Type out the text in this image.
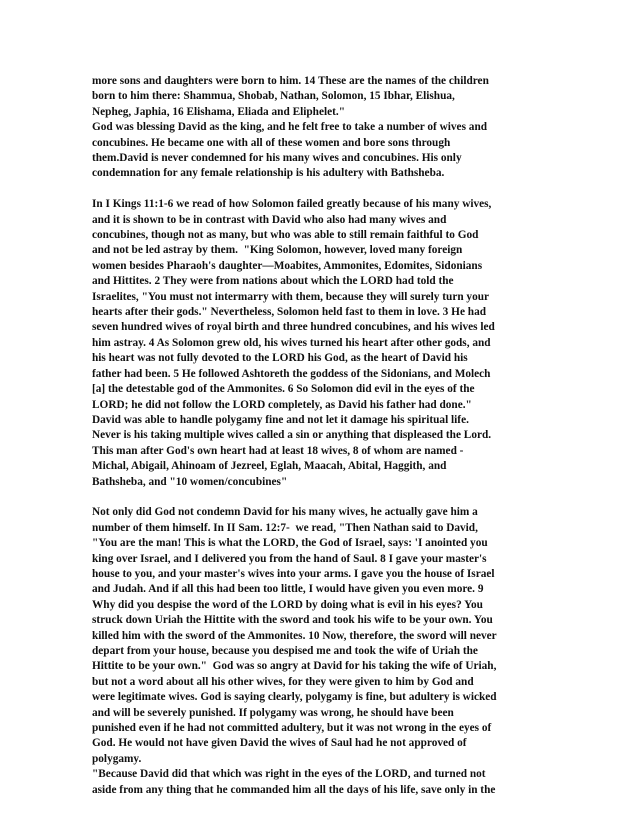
more sons and daughters were born to him. 14 These are the names of the children
born to him there: Shammua, Shobab, Nathan, Solomon, 15 Ibhar, Elishua,
Nepheg, Japhia, 16 Elishama, Eliada and Eliphelet."
God was blessing David as the king, and he felt free to take a number of wives and
concubines. He became one with all of these women and bore sons through
them.David is never condemned for his many wives and concubines. His only
condemnation for any female relationship is his adultery with Bathsheba.
In I Kings 11:1-6 we read of how Solomon failed greatly because of his many wives,
and it is shown to be in contrast with David who also had many wives and
concubines, though not as many, but who was able to still remain faithful to God
and not be led astray by them.  "King Solomon, however, loved many foreign
women besides Pharaoh's daughter—Moabites, Ammonites, Edomites, Sidonians
and Hittites. 2 They were from nations about which the LORD had told the
Israelites, "You must not intermarry with them, because they will surely turn your
hearts after their gods." Nevertheless, Solomon held fast to them in love. 3 He had
seven hundred wives of royal birth and three hundred concubines, and his wives led
him astray. 4 As Solomon grew old, his wives turned his heart after other gods, and
his heart was not fully devoted to the LORD his God, as the heart of David his
father had been. 5 He followed Ashtoreth the goddess of the Sidonians, and Molech
[a] the detestable god of the Ammonites. 6 So Solomon did evil in the eyes of the
LORD; he did not follow the LORD completely, as David his father had done."
David was able to handle polygamy fine and not let it damage his spiritual life.
Never is his taking multiple wives called a sin or anything that displeased the Lord.
This man after God's own heart had at least 18 wives, 8 of whom are named -
Michal, Abigail, Ahinoam of Jezreel, Eglah, Maacah, Abital, Haggith, and
Bathsheba, and "10 women/concubines"
Not only did God not condemn David for his many wives, he actually gave him a
number of them himself. In II Sam. 12:7-  we read, "Then Nathan said to David,
"You are the man! This is what the LORD, the God of Israel, says: 'I anointed you
king over Israel, and I delivered you from the hand of Saul. 8 I gave your master's
house to you, and your master's wives into your arms. I gave you the house of Israel
and Judah. And if all this had been too little, I would have given you even more. 9
Why did you despise the word of the LORD by doing what is evil in his eyes? You
struck down Uriah the Hittite with the sword and took his wife to be your own. You
killed him with the sword of the Ammonites. 10 Now, therefore, the sword will never
depart from your house, because you despised me and took the wife of Uriah the
Hittite to be your own."  God was so angry at David for his taking the wife of Uriah,
but not a word about all his other wives, for they were given to him by God and
were legitimate wives. God is saying clearly, polygamy is fine, but adultery is wicked
and will be severely punished. If polygamy was wrong, he should have been
punished even if he had not committed adultery, but it was not wrong in the eyes of
God. He would not have given David the wives of Saul had he not approved of
polygamy.
"Because David did that which was right in the eyes of the LORD, and turned not
aside from any thing that he commanded him all the days of his life, save only in the
